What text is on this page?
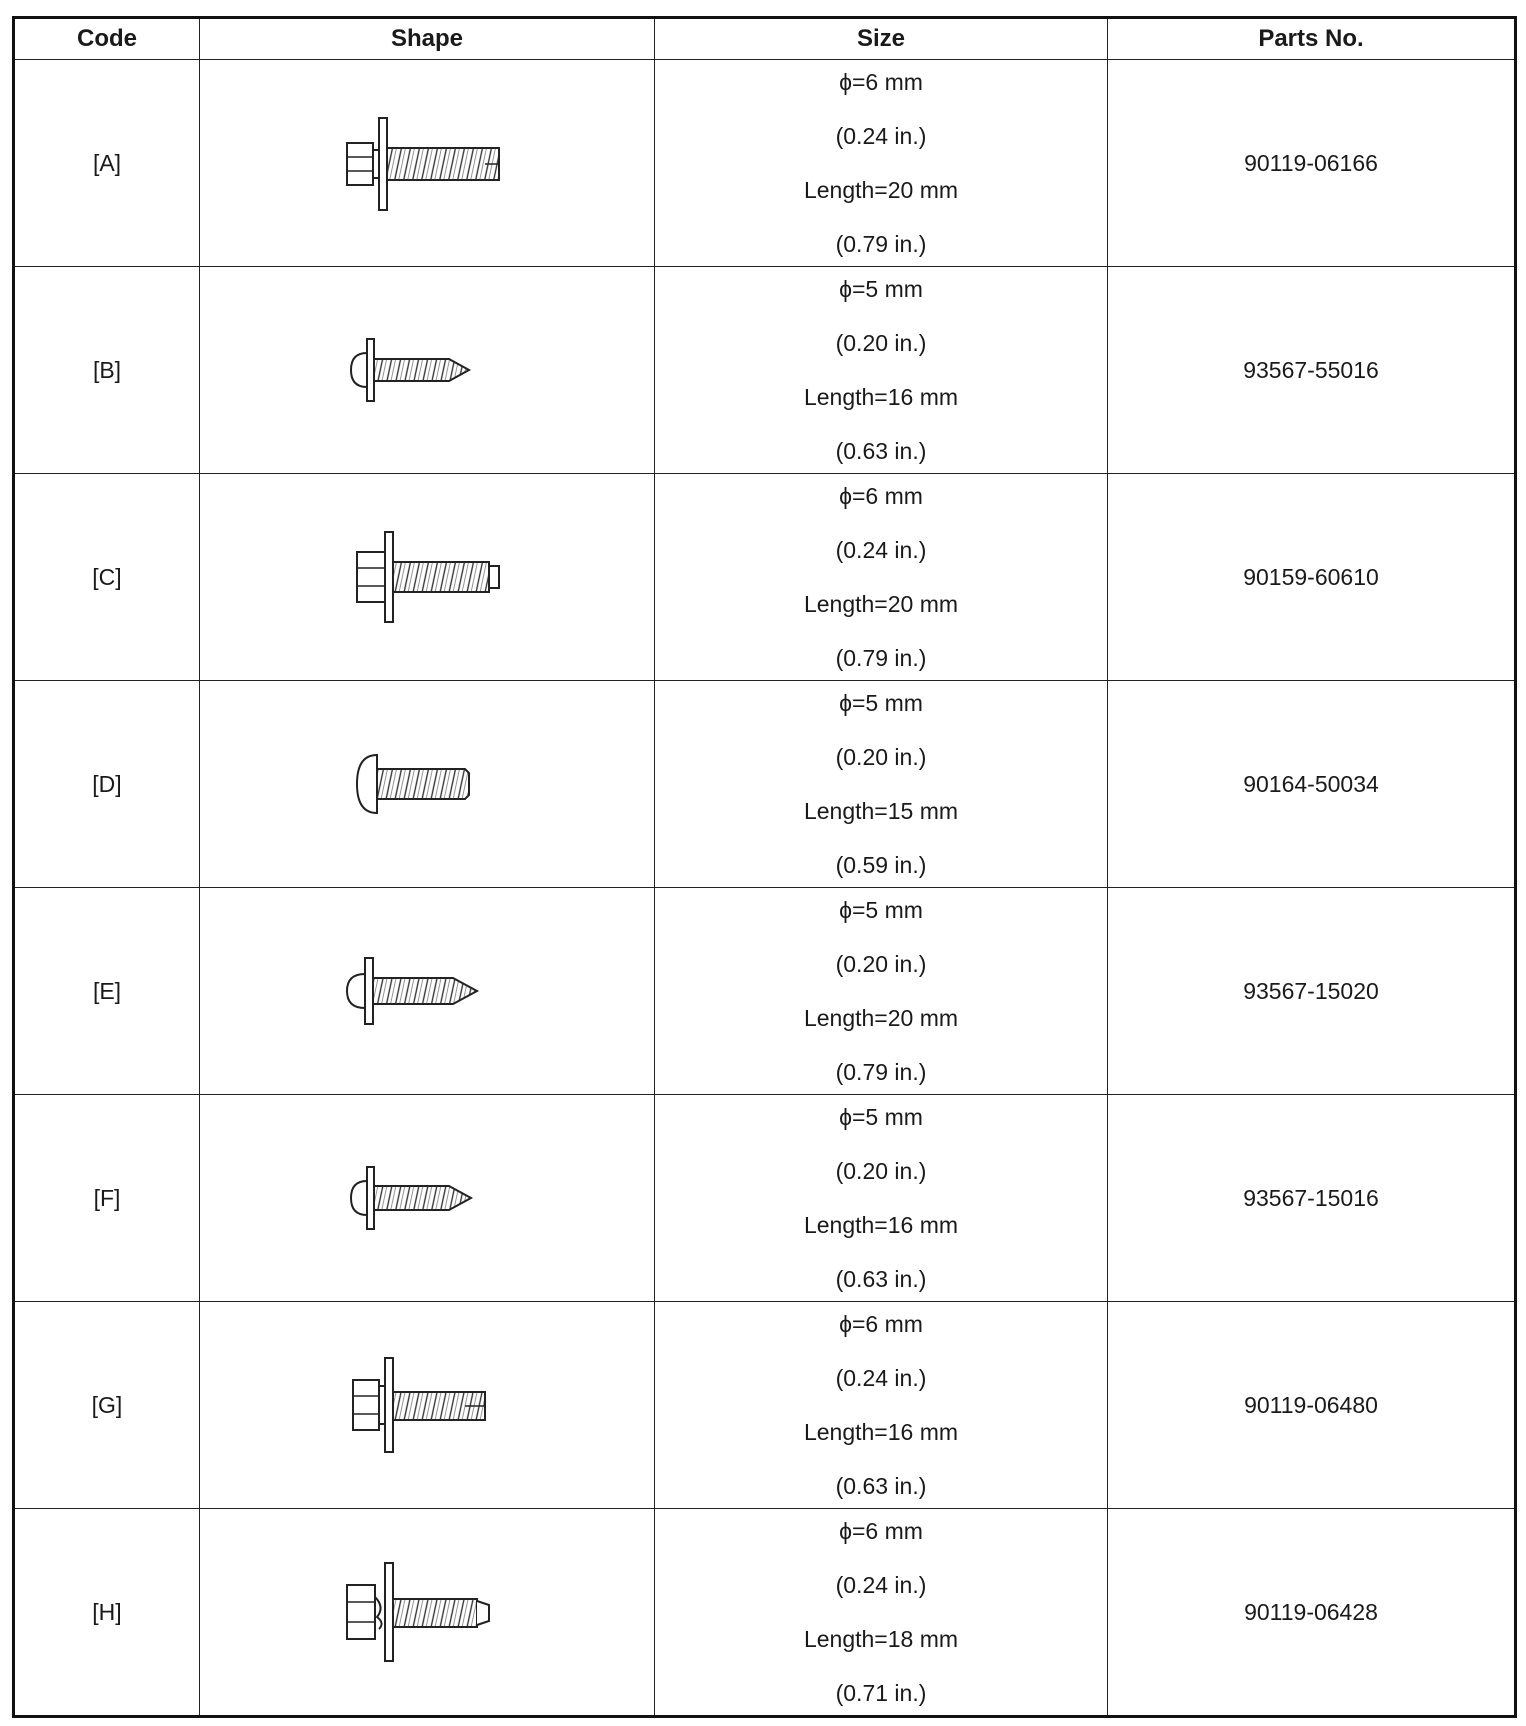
Code	Shape	Size	Parts No.
[A]		ϕ=6 mm
(0.24 in.)
Length=20 mm
(0.79 in.)	90119-06166
[B]		ϕ=5 mm
(0.20 in.)
Length=16 mm
(0.63 in.)	93567-55016
[C]		ϕ=6 mm
(0.24 in.)
Length=20 mm
(0.79 in.)	90159-60610
[D]		ϕ=5 mm
(0.20 in.)
Length=15 mm
(0.59 in.)	90164-50034
[E]		ϕ=5 mm
(0.20 in.)
Length=20 mm
(0.79 in.)	93567-15020
[F]		ϕ=5 mm
(0.20 in.)
Length=16 mm
(0.63 in.)	93567-15016
[G]		ϕ=6 mm
(0.24 in.)
Length=16 mm
(0.63 in.)	90119-06480
[H]		ϕ=6 mm
(0.24 in.)
Length=18 mm
(0.71 in.)	90119-06428
